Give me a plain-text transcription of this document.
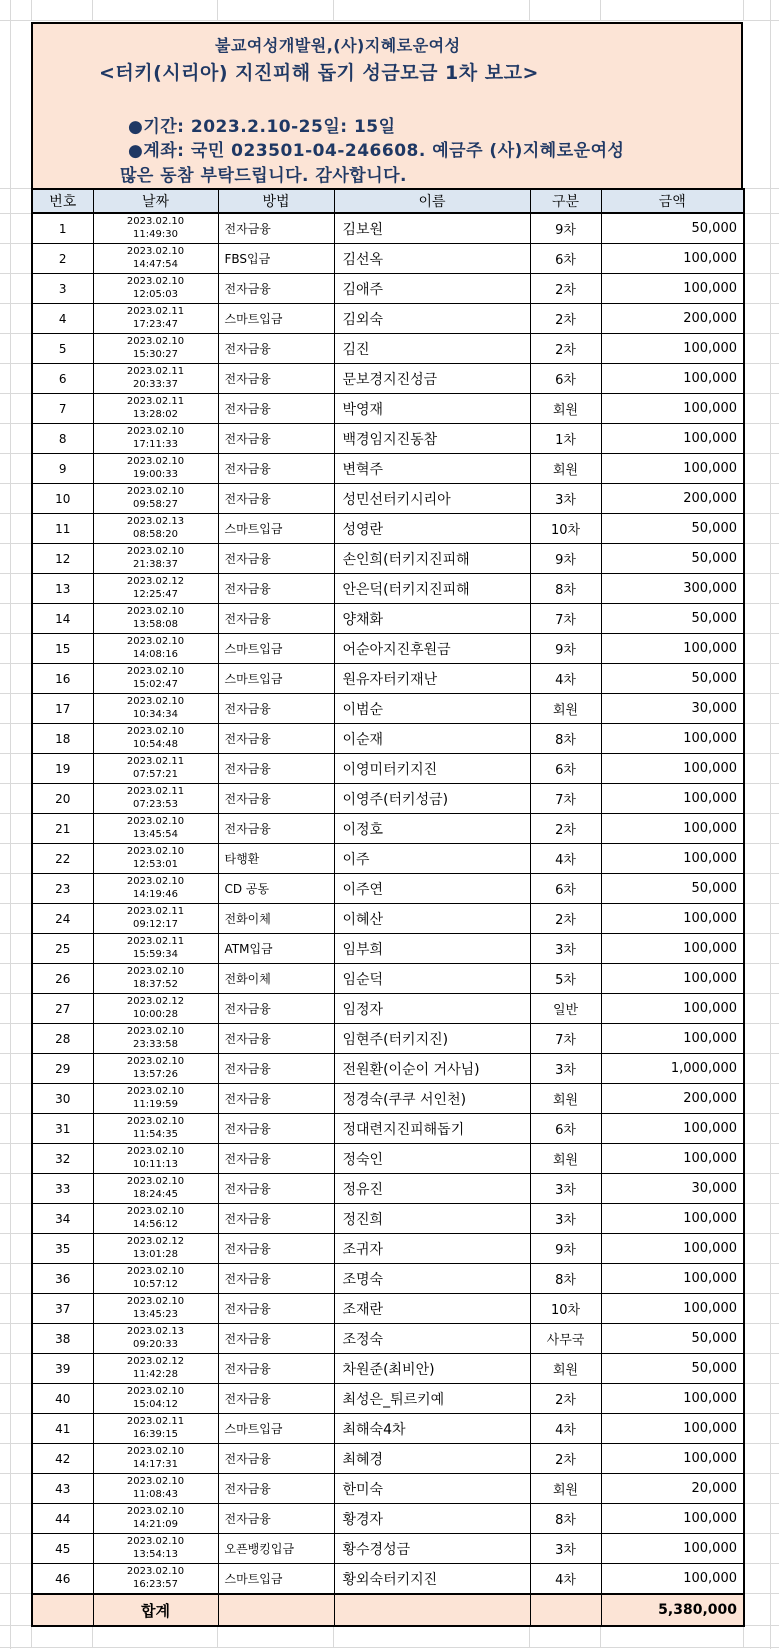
불교여성개발원,(사)지혜로운여성
<터키(시리아) 지진피해 돕기 성금모금 1차 보고>
●기간: 2023.2.10-25일: 15일
●계좌: 국민 023501-04-246608. 예금주 (사)지혜로운여성
많은 동참 부탁드립니다. 감사합니다.
번호	날짜	방법	이름	구분	금액
1	2023.02.10
11:49:30	전자금융	김보원	9차	50,000
2	2023.02.10
14:47:54	FBS입금	김선옥	6차	100,000
3	2023.02.10
12:05:03	전자금융	김애주	2차	100,000
4	2023.02.11
17:23:47	스마트입금	김외숙	2차	200,000
5	2023.02.10
15:30:27	전자금융	김진	2차	100,000
6	2023.02.11
20:33:37	전자금융	문보경지진성금	6차	100,000
7	2023.02.11
13:28:02	전자금융	박영재	회원	100,000
8	2023.02.10
17:11:33	전자금융	백경임지진동참	1차	100,000
9	2023.02.10
19:00:33	전자금융	변혁주	회원	100,000
10	2023.02.10
09:58:27	전자금융	성민선터키시리아	3차	200,000
11	2023.02.13
08:58:20	스마트입금	성영란	10차	50,000
12	2023.02.10
21:38:37	전자금융	손인희(터키지진피해	9차	50,000
13	2023.02.12
12:25:47	전자금융	안은덕(터키지진피해	8차	300,000
14	2023.02.10
13:58:08	전자금융	양채화	7차	50,000
15	2023.02.10
14:08:16	스마트입금	어순아지진후원금	9차	100,000
16	2023.02.10
15:02:47	스마트입금	원유자터키재난	4차	50,000
17	2023.02.10
10:34:34	전자금융	이범순	회원	30,000
18	2023.02.10
10:54:48	전자금융	이순재	8차	100,000
19	2023.02.11
07:57:21	전자금융	이영미터키지진	6차	100,000
20	2023.02.11
07:23:53	전자금융	이영주(터키성금)	7차	100,000
21	2023.02.10
13:45:54	전자금융	이정호	2차	100,000
22	2023.02.10
12:53:01	타행환	이주	4차	100,000
23	2023.02.10
14:19:46	CD 공동	이주연	6차	50,000
24	2023.02.11
09:12:17	전화이체	이혜산	2차	100,000
25	2023.02.11
15:59:34	ATM입금	임부희	3차	100,000
26	2023.02.10
18:37:52	전화이체	임순덕	5차	100,000
27	2023.02.12
10:00:28	전자금융	임정자	일반	100,000
28	2023.02.10
23:33:58	전자금융	임현주(터키지진)	7차	100,000
29	2023.02.10
13:57:26	전자금융	전원환(이순이 거사님)	3차	1,000,000
30	2023.02.10
11:19:59	전자금융	정경숙(쿠쿠 서인천)	회원	200,000
31	2023.02.10
11:54:35	전자금융	정대련지진피해돕기	6차	100,000
32	2023.02.10
10:11:13	전자금융	정숙인	회원	100,000
33	2023.02.10
18:24:45	전자금융	정유진	3차	30,000
34	2023.02.10
14:56:12	전자금융	정진희	3차	100,000
35	2023.02.12
13:01:28	전자금융	조귀자	9차	100,000
36	2023.02.10
10:57:12	전자금융	조명숙	8차	100,000
37	2023.02.10
13:45:23	전자금융	조재란	10차	100,000
38	2023.02.13
09:20:33	전자금융	조정숙	사무국	50,000
39	2023.02.12
11:42:28	전자금융	차원준(최비안)	회원	50,000
40	2023.02.10
15:04:12	전자금융	최성은_튀르키예	2차	100,000
41	2023.02.11
16:39:15	스마트입금	최해숙4차	4차	100,000
42	2023.02.10
14:17:31	전자금융	최혜경	2차	100,000
43	2023.02.10
11:08:43	전자금융	한미숙	회원	20,000
44	2023.02.10
14:21:09	전자금융	황경자	8차	100,000
45	2023.02.10
13:54:13	오픈뱅킹입금	황수경성금	3차	100,000
46	2023.02.10
16:23:57	스마트입금	황외숙터키지진	4차	100,000
	합계				5,380,000
